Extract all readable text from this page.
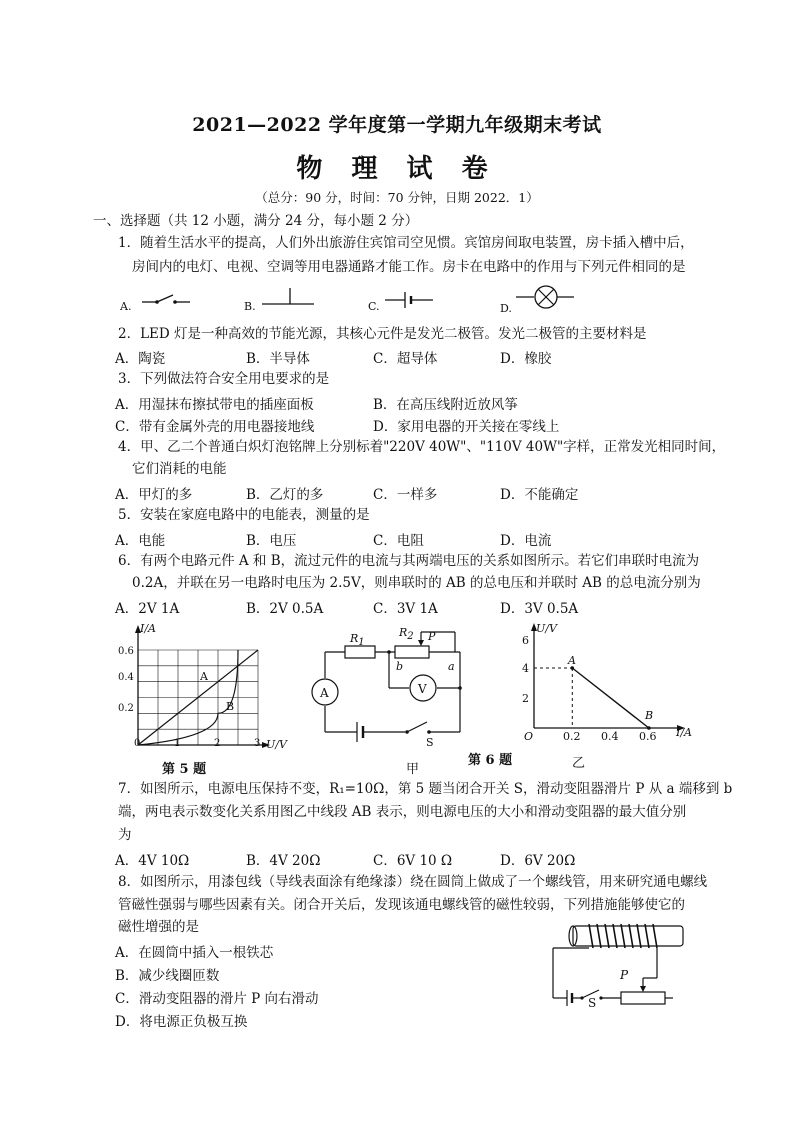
2021—2022 学年度第一学期九年级期末考试
物 理 试 卷
（总分：90 分，时间：70 分钟，日期 2022．1）
一、选择题（共 12 小题，满分 24 分，每小题 2 分）
1．随着生活水平的提高，人们外出旅游住宾馆司空见惯。宾馆房间取电装置，房卡插入槽中后，
房间内的电灯、电视、空调等用电器通路才能工作。房卡在电路中的作用与下列元件相同的是
A.	B.	C.	D.
2．LED 灯是一种高效的节能光源，其核心元件是发光二极管。发光二极管的主要材料是
A．陶瓷	B．半导体	C．超导体	D．橡胶
3．下列做法符合安全用电要求的是
A．用湿抹布擦拭带电的插座面板	B．在高压线附近放风筝
C．带有金属外壳的用电器接地线	D．家用电器的开关接在零线上
4．甲、乙二个普通白炽灯泡铭牌上分别标着"220V 40W"、"110V 40W"字样，正常发光相同时间，
它们消耗的电能
A．甲灯的多	B．乙灯的多	C．一样多	D．不能确定
5．安装在家庭电路中的电能表，测量的是
A．电能	B．电压	C．电阻	D．电流
6．有两个电路元件 A 和 B，流过元件的电流与其两端电压的关系如图所示。若它们串联时电流为
0.2A，并联在另一电路时电压为 2.5V，则串联时的 AB 的总电压和并联时 AB 的总电流分别为
A．2V 1A	B．2V 0.5A	C．3V 1A	D．3V 0.5A
I/A
0.6
0.4
0.2
0	1	2	3 U/V
A
B
第 5 题
$R_1$
$R_2$ P
b	a
A	V
S
甲
第 6 题
U/V
6
4
2
O	0.2 0.4 0.6 I/A
A
B
乙
7．如图所示，电源电压保持不变，R₁=10Ω，第 5 题当闭合开关 S，滑动变阻器滑片 P 从 a 端移到 b
端，两电表示数变化关系用图乙中线段 AB 表示，则电源电压的大小和滑动变阻器的最大值分别
为
A．4V 10Ω	B．4V 20Ω	C．6V 10 Ω	D．6V 20Ω
8．如图所示，用漆包线（导线表面涂有绝缘漆）绕在圆筒上做成了一个螺线管，用来研究通电螺线
管磁性强弱与哪些因素有关。闭合开关后，发现该通电螺线管的磁性较弱，下列措施能够使它的
磁性增强的是
A．在圆筒中插入一根铁芯
B．减少线圈匝数
C．滑动变阻器的滑片 P 向右滑动
D．将电源正负极互换
P
S
